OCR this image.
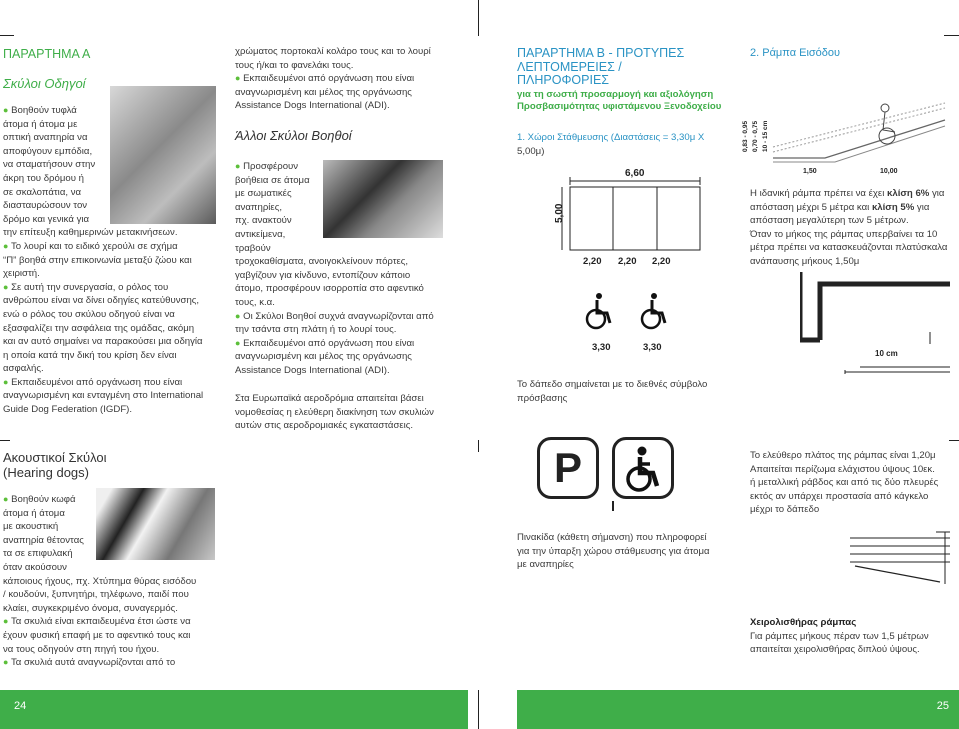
ΠΑΡΑΡΤΗΜΑ Α
Σκύλοι Οδηγοί

● Βοηθούν τυφλά

άτομα ή άτομα με

οπτική αναπηρία να

αποφύγουν εμπόδια,

να σταματήσουν στην

άκρη του δρόμου ή

σε σκαλοπάτια, να

διασταυρώσουν τον

δρόμο και γενικά για

την επίτευξη καθημερινών μετακινήσεων.

● Το λουρί και το ειδικό χερούλι σε σχήμα

“Π” βοηθά στην επικοινωνία μεταξύ ζώου και

χειριστή.

● Σε αυτή την συνεργασία, ο ρόλος του

ανθρώπου είναι να δίνει οδηγίες κατεύθυνσης,

ενώ ο ρόλος του σκύλου οδηγού είναι να

εξασφαλίζει την ασφάλεια της ομάδας, ακόμη

και αν αυτό σημαίνει να παρακούσει μια οδηγία

η οποία κατά την δική του κρίση δεν είναι

ασφαλής.

● Εκπαιδευμένοι από οργάνωση που είναι

αναγνωρισμένη και ενταγμένη στο International

Guide Dog Federation (IGDF).

Ακουστικοί Σκύλοι
(Hearing dogs)

● Βοηθούν κωφά

άτομα ή άτομα

με ακουστική

αναπηρία θέτοντας

τα σε επιφυλακή

όταν ακούσουν

κάποιους ήχους, πχ. Χτύπημα θύρας εισόδου

/ κουδούνι, ξυπνητήρι, τηλέφωνο, παιδί που

κλαίει, συγκεκριμένο όνομα, συναγερμός.

● Τα σκυλιά είναι εκπαιδευμένα έτσι ώστε να

έχουν φυσική επαφή με το αφεντικό τους και

να τους οδηγούν στη πηγή του ήχου.

● Τα σκυλιά αυτά αναγνωρίζονται από το

χρώματος πορτοκαλί κολάρο τους και το λουρί

τους ή/και το φανελάκι τους.

● Εκπαιδευμένοι από οργάνωση που είναι

αναγνωρισμένη και μέλος της οργάνωσης

Assistance Dogs International (ADI).

Άλλοι Σκύλοι Βοηθοί

● Προσφέρουν

βοήθεια σε άτομα

με σωματικές

αναπηρίες,

πχ. ανακτούν

αντικείμενα,

τραβούν

τροχοκαθίσματα, ανοιγοκλείνουν πόρτες,

γαβγίζουν για κίνδυνο, εντοπίζουν κάποιο

άτομο, προσφέρουν ισορροπία στο αφεντικό

τους, κ.α.

● Οι Σκύλοι Βοηθοί συχνά αναγνωρίζονται από

την τσάντα στη πλάτη ή το λουρί τους.

● Εκπαιδευμένοι από οργάνωση που είναι

αναγνωρισμένη και μέλος της οργάνωσης

Assistance Dogs International (ADI).

Στα Ευρωπαϊκά αεροδρόμια απαιτείται βάσει

νομοθεσίας η ελεύθερη διακίνηση των σκυλιών

αυτών στις αεροδρομιακές εγκαταστάσεις.

24
ΠΑΡΑΡΤΗΜΑ Β - ΠΡΟΤΥΠΕΣ
ΛΕΠΤΟΜΕΡΕΙΕΣ /
ΠΛΗΡΟΦΟΡΙΕΣ
για τη σωστή προσαρμογή και αξιολόγηση
Προσβασιμότητας υφιστάμενου Ξενοδοχείου

1. Χώροι Στάθμευσης (Διαστάσεις = 3,30μ Χ

5,00μ)

6,60
5,00
2,20 2,20 2,20
3,30	3,30

Το δάπεδο σημαίνεται με το διεθνές σύμβολο

πρόσβασης

P

Πινακίδα (κάθετη σήμανση) που πληροφορεί

για την ύπαρξη χώρου στάθμευσης για άτομα

με αναπηρίες

2. Ράμπα Εισόδου
0,83 - 0,95 0,70 - 0,75 10 - 15 cm
1,50	10,00

Η ιδανική ράμπα πρέπει να έχει κλίση 6% για

απόσταση μέχρι 5 μέτρα και κλίση 5% για

απόσταση μεγαλύτερη των 5 μέτρων.

Όταν το μήκος της ράμπας υπερβαίνει τα 10

μέτρα πρέπει να κατασκευάζονται πλατύσκαλα

ανάπαυσης μήκους 1,50μ

10 cm

Το ελεύθερο πλάτος της ράμπας είναι 1,20μ

Απαιτείται περίζωμα ελάχιστου ύψους 10εκ.

ή μεταλλική ράβδος και από τις δύο πλευρές

εκτός αν υπάρχει προστασία από κάγκελο

μέχρι το δάπεδο

Χειρολισθήρας ράμπας

Για ράμπες μήκους πέραν των 1,5 μέτρων

απαιτείται χειρολισθήρας διπλού ύψους.

25
